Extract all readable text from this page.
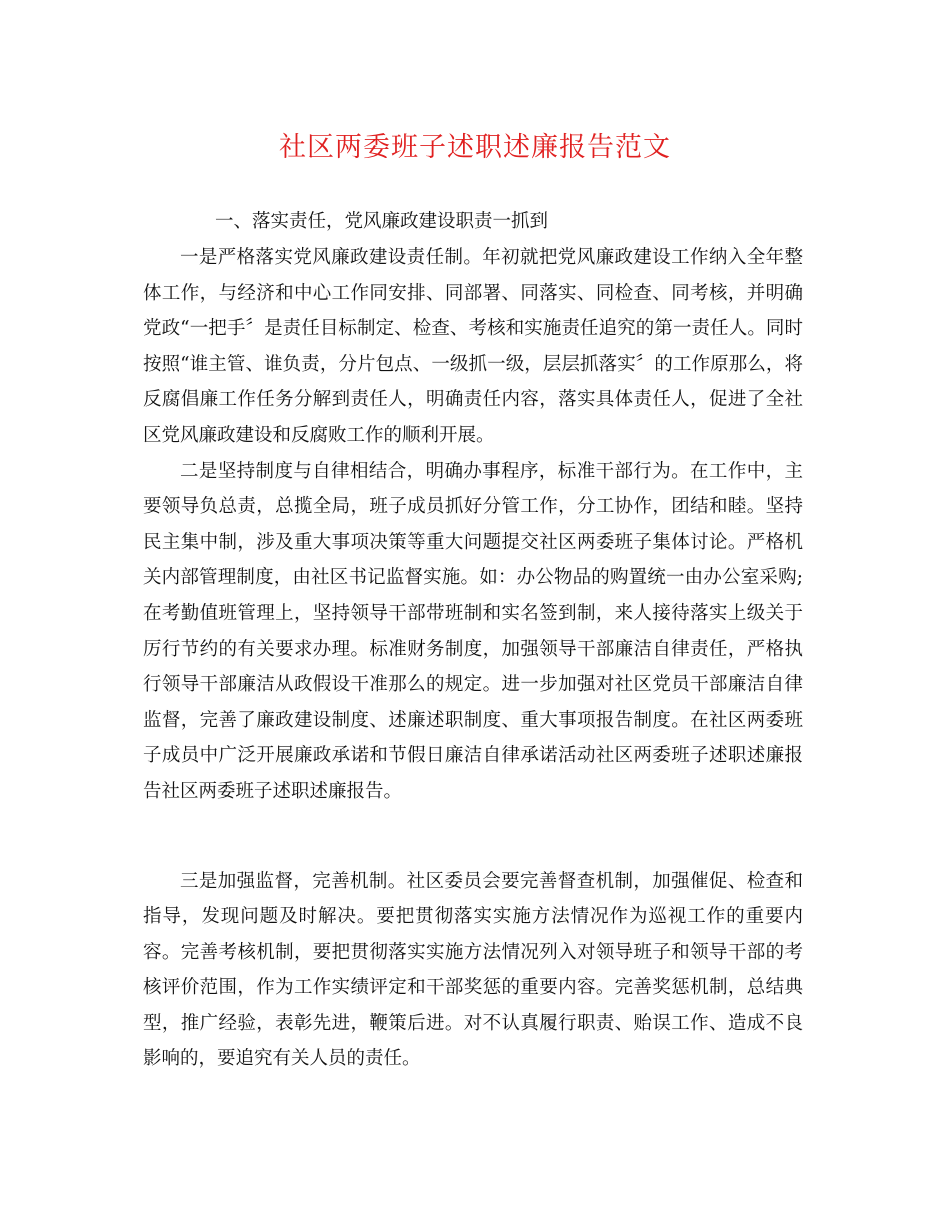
社区两委班子述职述廉报告范文

一、落实责任，党风廉政建设职责一抓到

一是严格落实党风廉政建设责任制。年初就把党风廉政建设工作纳入全年整体工作，与经济和中心工作同安排、同部署、同落实、同检查、同考核，并明确党政“一把手〞是责任目标制定、检查、考核和实施责任追究的第一责任人。同时按照“谁主管、谁负责，分片包点、一级抓一级，层层抓落实〞的工作原那么，将反腐倡廉工作任务分解到责任人，明确责任内容，落实具体责任人，促进了全社区党风廉政建设和反腐败工作的顺利开展。

二是坚持制度与自律相结合，明确办事程序，标准干部行为。在工作中，主要领导负总责，总揽全局，班子成员抓好分管工作，分工协作，团结和睦。坚持民主集中制，涉及重大事项决策等重大问题提交社区两委班子集体讨论。严格机关内部管理制度，由社区书记监督实施。如：办公物品的购置统一由办公室采购;在考勤值班管理上，坚持领导干部带班制和实名签到制，来人接待落实上级关于厉行节约的有关要求办理。标准财务制度，加强领导干部廉洁自律责任，严格执行领导干部廉洁从政假设干准那么的规定。进一步加强对社区党员干部廉洁自律监督，完善了廉政建设制度、述廉述职制度、重大事项报告制度。在社区两委班子成员中广泛开展廉政承诺和节假日廉洁自律承诺活动社区两委班子述职述廉报告社区两委班子述职述廉报告。

三是加强监督，完善机制。社区委员会要完善督查机制，加强催促、检查和指导，发现问题及时解决。要把贯彻落实实施方法情况作为巡视工作的重要内容。完善考核机制，要把贯彻落实实施方法情况列入对领导班子和领导干部的考核评价范围，作为工作实绩评定和干部奖惩的重要内容。完善奖惩机制，总结典型，推广经验，表彰先进，鞭策后进。对不认真履行职责、贻误工作、造成不良影响的，要追究有关人员的责任。
